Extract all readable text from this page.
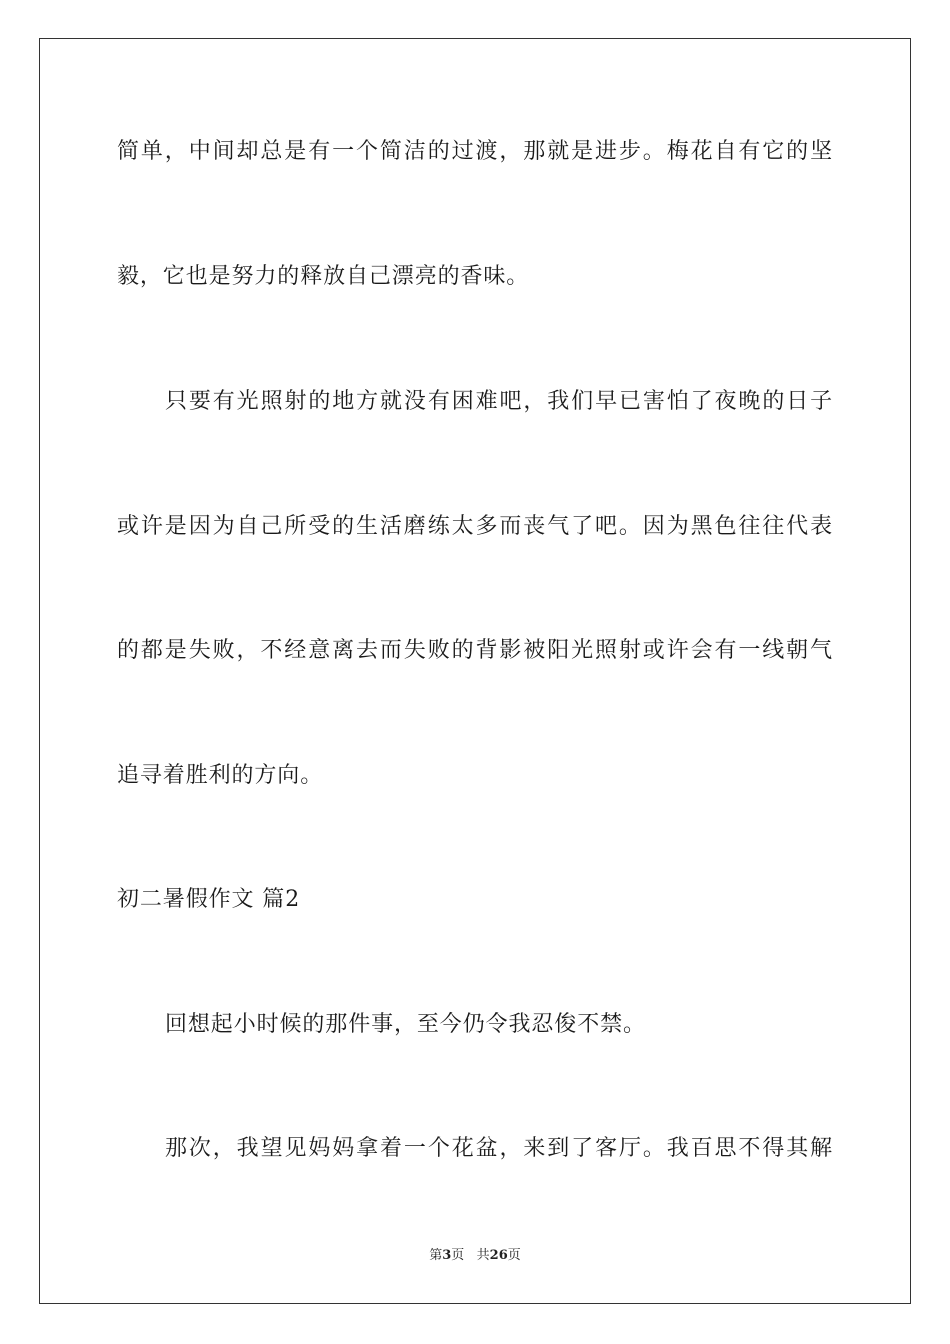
简单，中间却总是有一个简洁的过渡，那就是进步。梅花自有它的坚
毅，它也是努力的释放自己漂亮的香味。
只要有光照射的地方就没有困难吧，我们早已害怕了夜晚的日子
或许是因为自己所受的生活磨练太多而丧气了吧。因为黑色往往代表
的都是失败，不经意离去而失败的背影被阳光照射或许会有一线朝气
追寻着胜利的方向。
初二暑假作文 篇2
回想起小时候的那件事，至今仍令我忍俊不禁。
那次，我望见妈妈拿着一个花盆，来到了客厅。我百思不得其解
第3页   共26页
